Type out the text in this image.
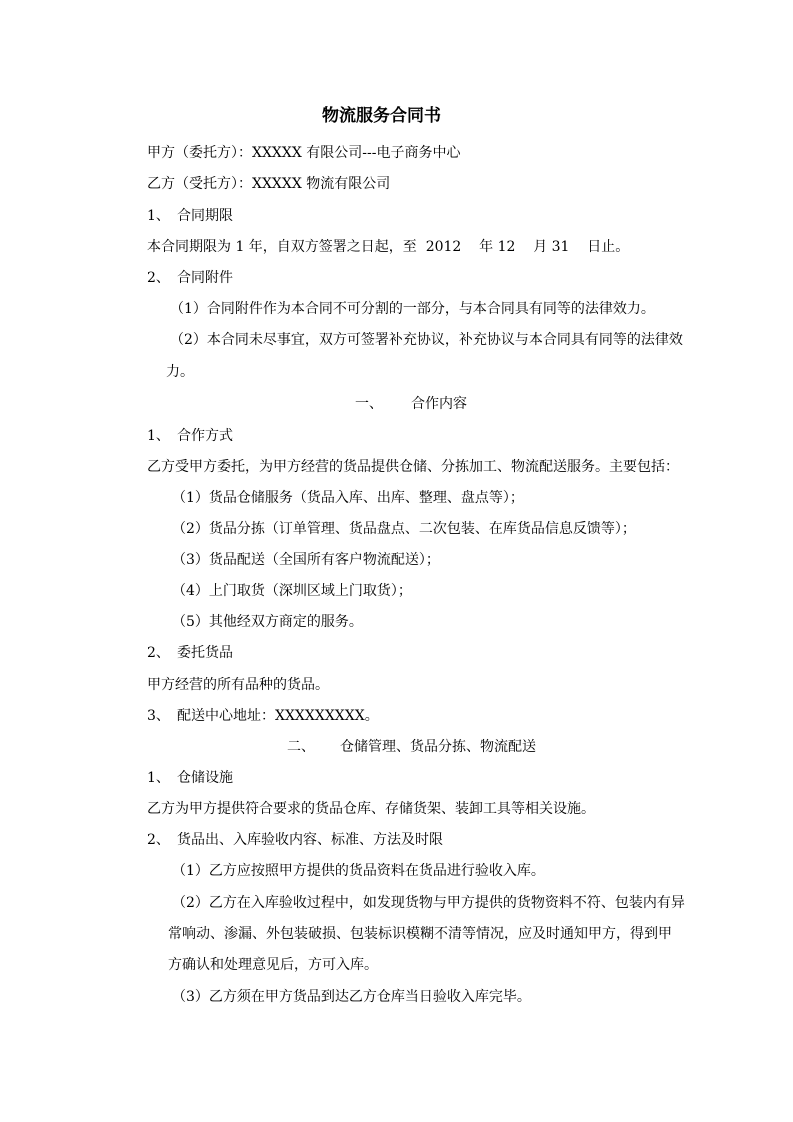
物流服务合同书
甲方（委托方）：XXXXX 有限公司---电子商务中心
乙方（受托方）：XXXXX 物流有限公司
1、 合同期限
本合同期限为 1 年，自双方签署之日起，至  2012    年 12    月 31    日止。
2、 合同附件
（1）合同附件作为本合同不可分割的一部分，与本合同具有同等的法律效力。
（2）本合同未尽事宜，双方可签署补充协议，补充协议与本合同具有同等的法律效
力。
一、 合作内容
1、 合作方式
乙方受甲方委托，为甲方经营的货品提供仓储、分拣加工、物流配送服务。主要包括：
（1）货品仓储服务（货品入库、出库、整理、盘点等）；
（2）货品分拣（订单管理、货品盘点、二次包装、在库货品信息反馈等）；
（3）货品配送（全国所有客户物流配送）；
（4）上门取货（深圳区域上门取货）；
（5）其他经双方商定的服务。
2、 委托货品
甲方经营的所有品种的货品。
3、 配送中心地址：XXXXXXXXX。
二、 仓储管理、货品分拣、物流配送
1、 仓储设施
乙方为甲方提供符合要求的货品仓库、存储货架、装卸工具等相关设施。
2、 货品出、入库验收内容、标准、方法及时限
（1）乙方应按照甲方提供的货品资料在货品进行验收入库。
（2）乙方在入库验收过程中，如发现货物与甲方提供的货物资料不符、包装内有异
常响动、渗漏、外包装破损、包装标识模糊不清等情况，应及时通知甲方，得到甲
方确认和处理意见后，方可入库。
（3）乙方须在甲方货品到达乙方仓库当日验收入库完毕。
